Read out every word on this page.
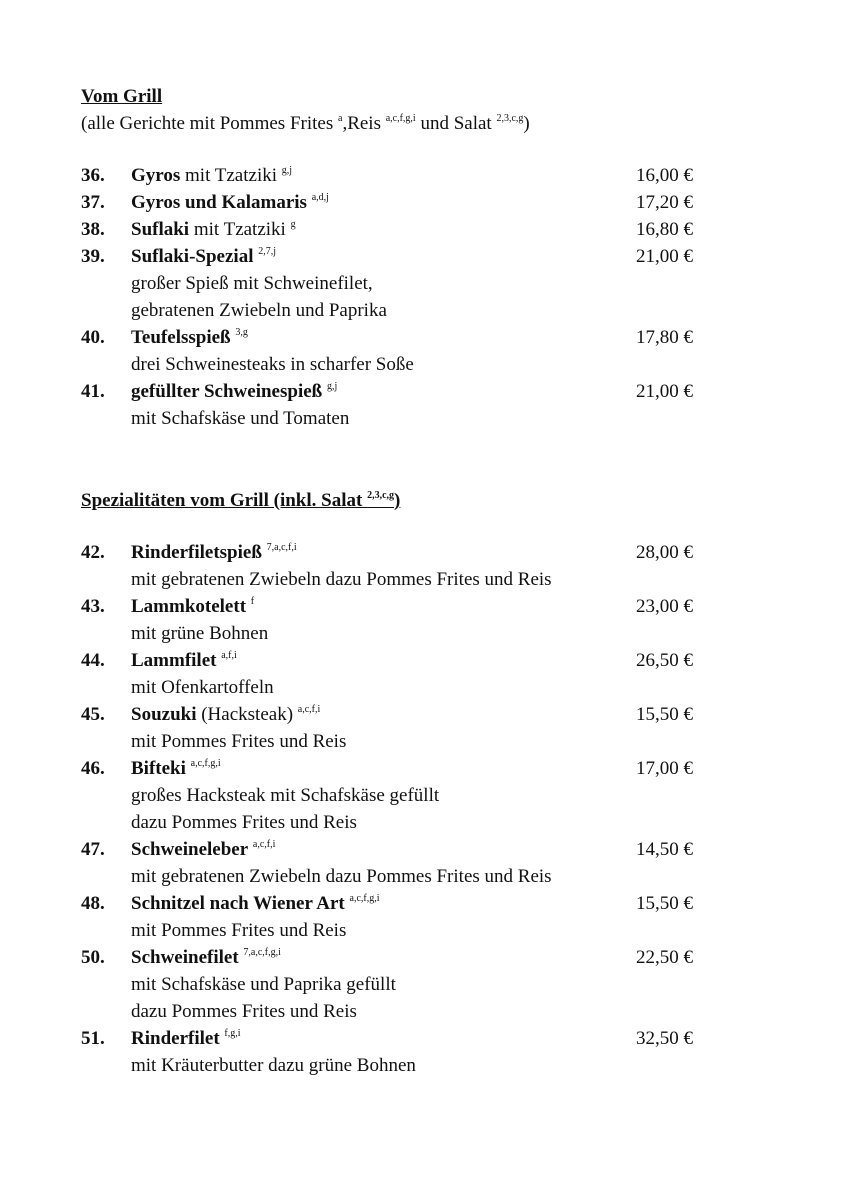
Vom Grill
(alle Gerichte mit Pommes Frites $^a$,Reis $^{a,c,f,g,i}$ und Salat $^{2,3,c,g}$)
36. Gyros mit Tzatziki $^{g,j}$	16,00 €
37. Gyros und Kalamaris $^{a,d,j}$	17,20 €
38. Suflaki mit Tzatziki $^g$	16,80 €
39. Suflaki-Spezial $^{2,7,j}$	21,00 €
großer Spieß mit Schweinefilet,
gebratenen Zwiebeln und Paprika
40. Teufelsspieß $^{3,g}$	17,80 €
drei Schweinesteaks in scharfer Soße
41. gefüllter Schweinespieß $^{g,j}$	21,00 €
mit Schafskäse und Tomaten
Spezialitäten vom Grill (inkl. Salat $^{2,3,c,g}$)
42. Rinderfiletspieß $^{7,a,c,f,i}$	28,00 €
mit gebratenen Zwiebeln dazu Pommes Frites und Reis
43. Lammkotelett $^f$	23,00 €
mit grüne Bohnen
44. Lammfilet $^{a,f,i}$	26,50 €
mit Ofenkartoffeln
45. Souzuki (Hacksteak) $^{a,c,f,i}$	15,50 €
mit Pommes Frites und Reis
46. Bifteki $^{a,c,f,g,i}$	17,00 €
großes Hacksteak mit Schafskäse gefüllt
dazu Pommes Frites und Reis
47. Schweineleber $^{a,c,f,i}$	14,50 €
mit gebratenen Zwiebeln dazu Pommes Frites und Reis
48. Schnitzel nach Wiener Art $^{a,c,f,g,i}$	15,50 €
mit Pommes Frites und Reis
50. Schweinefilet $^{7,a,c,f,g,i}$	22,50 €
mit Schafskäse und Paprika gefüllt
dazu Pommes Frites und Reis
51. Rinderfilet $^{f,g,i}$	32,50 €
mit Kräuterbutter dazu grüne Bohnen
